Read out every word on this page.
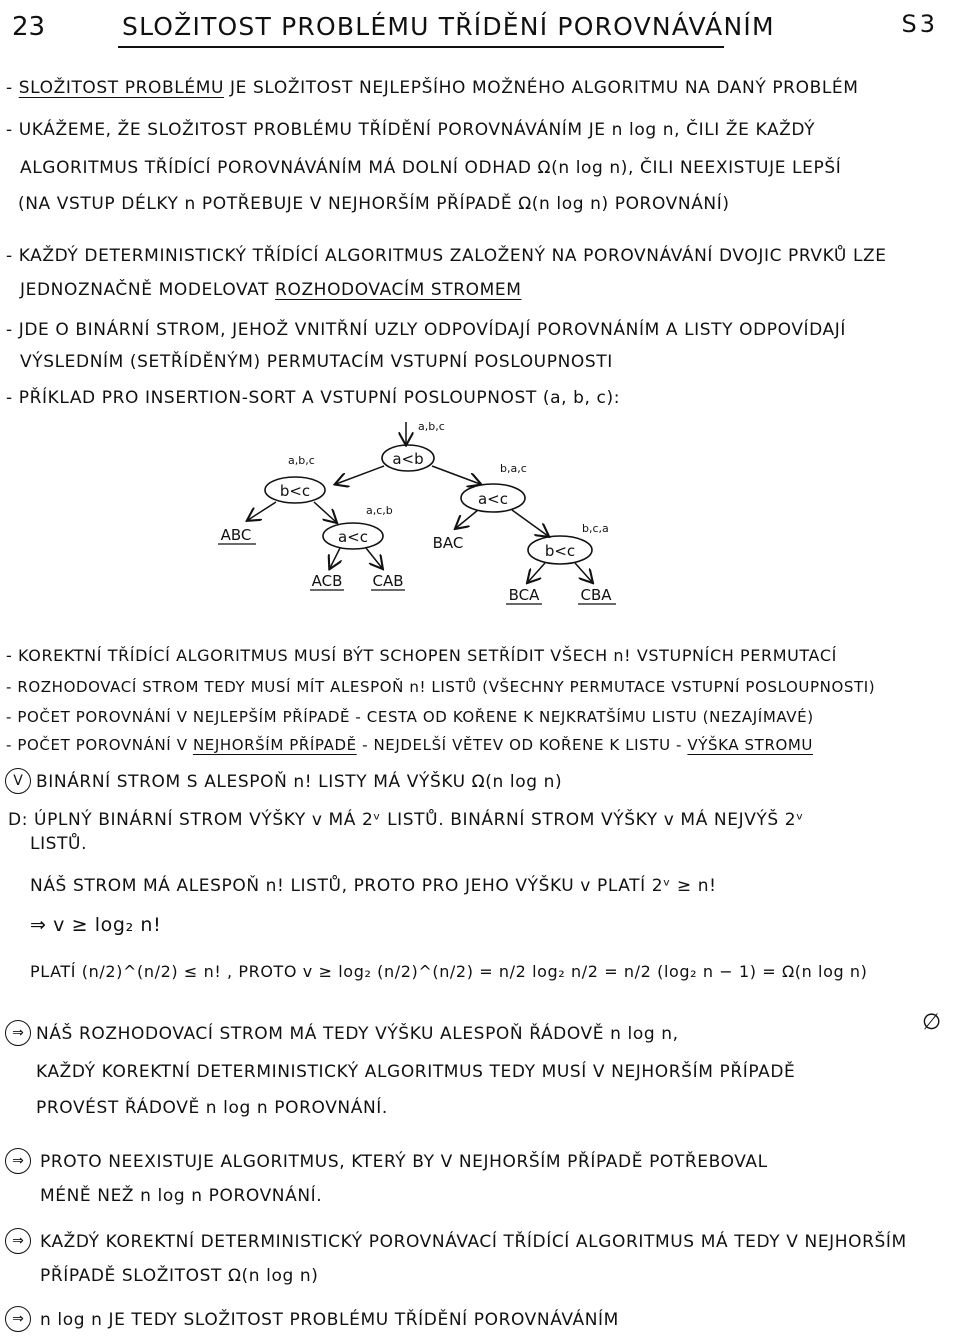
23	SLOŽITOST PROBLÉMU TŘÍDĚNÍ POROVNÁVÁNÍM	S3
- SLOŽITOST PROBLÉMU JE SLOŽITOST NEJLEPŠÍHO MOŽNÉHO ALGORITMU NA DANÝ PROBLÉM
- UKÁŽEME, ŽE SLOŽITOST PROBLÉMU TŘÍDĚNÍ POROVNÁVÁNÍM JE n log n, ČILI ŽE KAŽDÝ
ALGORITMUS TŘÍDÍCÍ POROVNÁVÁNÍM MÁ DOLNÍ ODHAD Ω(n log n), ČILI NEEXISTUJE LEPŠÍ
(NA VSTUP DÉLKY n POTŘEBUJE V NEJHORŠÍM PŘÍPADĚ Ω(n log n) POROVNÁNÍ)
- KAŽDÝ DETERMINISTICKÝ TŘÍDÍCÍ ALGORITMUS ZALOŽENÝ NA POROVNÁVÁNÍ DVOJIC PRVKŮ LZE
JEDNOZNAČNĚ MODELOVAT ROZHODOVACÍM STROMEM
- JDE O BINÁRNÍ STROM, JEHOŽ VNITŘNÍ UZLY ODPOVÍDAJÍ POROVNÁNÍM A LISTY ODPOVÍDAJÍ
VÝSLEDNÍM (SETŘÍDĚNÝM) PERMUTACÍM VSTUPNÍ POSLOUPNOSTI
- PŘÍKLAD PRO INSERTION-SORT A VSTUPNÍ POSLOUPNOST (a, b, c):
a,b,c
a<b
a,b,c
b,a,c
b<c	a<c
ABC
a,c,b
a<c
ACB CAB
BAC
b,c,a
b<c
BCA	CBA
- KOREKTNÍ TŘÍDÍCÍ ALGORITMUS MUSÍ BÝT SCHOPEN SETŘÍDIT VŠECH n! VSTUPNÍCH PERMUTACÍ
- ROZHODOVACÍ STROM TEDY MUSÍ MÍT ALESPOŇ n! LISTŮ (VŠECHNY PERMUTACE VSTUPNÍ POSLOUPNOSTI)
- POČET POROVNÁNÍ V NEJLEPŠÍM PŘÍPADĚ - CESTA OD KOŘENE K NEJKRATŠÍMU LISTU (NEZAJÍMAVÉ)
- POČET POROVNÁNÍ V NEJHORŠÍM PŘÍPADĚ - NEJDELŠÍ VĚTEV OD KOŘENE K LISTU - VÝŠKA STROMU
V BINÁRNÍ STROM S ALESPOŇ n! LISTY MÁ VÝŠKU Ω(n log n)
D: ÚPLNÝ BINÁRNÍ STROM VÝŠKY v MÁ 2ᵛ LISTŮ. BINÁRNÍ STROM VÝŠKY v MÁ NEJVÝŠ 2ᵛ
LISTŮ.
NÁŠ STROM MÁ ALESPOŇ n! LISTŮ, PROTO PRO JEHO VÝŠKU v PLATÍ 2ᵛ ≥ n!
⇒ v ≥ log₂ n!
PLATÍ (n/2)^(n/2) ≤ n! , PROTO v ≥ log₂ (n/2)^(n/2) = n/2 log₂ n/2 = n/2 (log₂ n − 1) = Ω(n log n)
∅
⇒ NÁŠ ROZHODOVACÍ STROM MÁ TEDY VÝŠKU ALESPOŇ ŘÁDOVĚ n log n,
KAŽDÝ KOREKTNÍ DETERMINISTICKÝ ALGORITMUS TEDY MUSÍ V NEJHORŠÍM PŘÍPADĚ
PROVÉST ŘÁDOVĚ n log n POROVNÁNÍ.
⇒ PROTO NEEXISTUJE ALGORITMUS, KTERÝ BY V NEJHORŠÍM PŘÍPADĚ POTŘEBOVAL
MÉNĚ NEŽ n log n POROVNÁNÍ.
⇒ KAŽDÝ KOREKTNÍ DETERMINISTICKÝ POROVNÁVACÍ TŘÍDÍCÍ ALGORITMUS MÁ TEDY V NEJHORŠÍM
PŘÍPADĚ SLOŽITOST Ω(n log n)
⇒ n log n JE TEDY SLOŽITOST PROBLÉMU TŘÍDĚNÍ POROVNÁVÁNÍM
